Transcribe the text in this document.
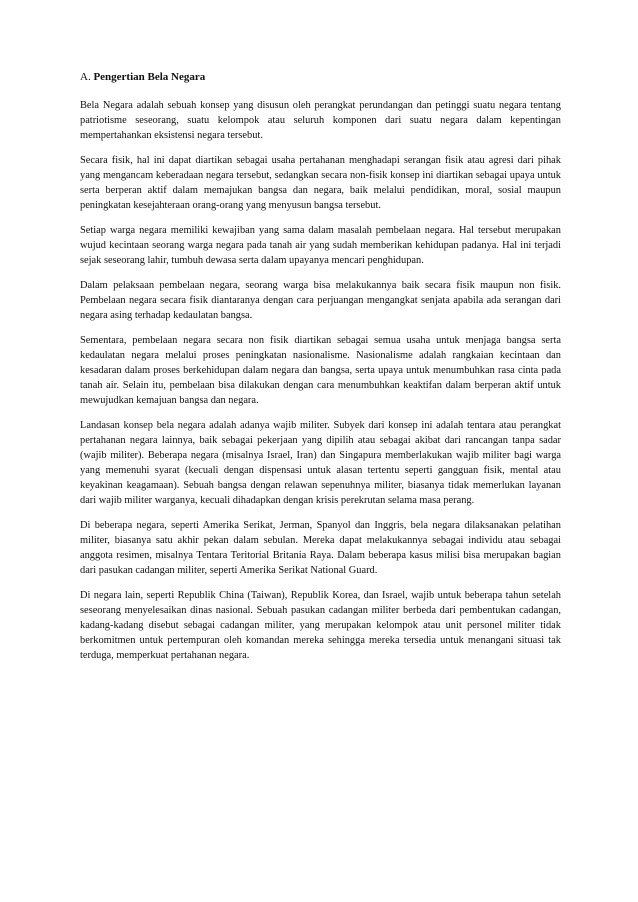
A. Pengertian Bela Negara

Bela Negara adalah sebuah konsep yang disusun oleh perangkat perundangan dan petinggi suatu negara tentang patriotisme seseorang, suatu kelompok atau seluruh komponen dari suatu negara dalam kepentingan mempertahankan eksistensi negara tersebut.

Secara fisik, hal ini dapat diartikan sebagai usaha pertahanan menghadapi serangan fisik atau agresi dari pihak yang mengancam keberadaan negara tersebut, sedangkan secara non-fisik konsep ini diartikan sebagai upaya untuk serta berperan aktif dalam memajukan bangsa dan negara, baik melalui pendidikan, moral, sosial maupun peningkatan kesejahteraan orang-orang yang menyusun bangsa tersebut.

Setiap warga negara memiliki kewajiban yang sama dalam masalah pembelaan negara. Hal tersebut merupakan wujud kecintaan seorang warga negara pada tanah air yang sudah memberikan kehidupan padanya. Hal ini terjadi sejak seseorang lahir, tumbuh dewasa serta dalam upayanya mencari penghidupan.

Dalam pelaksaan pembelaan negara, seorang warga bisa melakukannya baik secara fisik maupun non fisik. Pembelaan negara secara fisik diantaranya dengan cara perjuangan mengangkat senjata apabila ada serangan dari negara asing terhadap kedaulatan bangsa.

Sementara, pembelaan negara secara non fisik diartikan sebagai semua usaha untuk menjaga bangsa serta kedaulatan negara melalui proses peningkatan nasionalisme. Nasionalisme adalah rangkaian kecintaan dan kesadaran dalam proses berkehidupan dalam negara dan bangsa, serta upaya untuk menumbuhkan rasa cinta pada tanah air. Selain itu, pembelaan bisa dilakukan dengan cara menumbuhkan keaktifan dalam berperan aktif untuk mewujudkan kemajuan bangsa dan negara.

Landasan konsep bela negara adalah adanya wajib militer. Subyek dari konsep ini adalah tentara atau perangkat pertahanan negara lainnya, baik sebagai pekerjaan yang dipilih atau sebagai akibat dari rancangan tanpa sadar (wajib militer). Beberapa negara (misalnya Israel, Iran) dan Singapura memberlakukan wajib militer bagi warga yang memenuhi syarat (kecuali dengan dispensasi untuk alasan tertentu seperti gangguan fisik, mental atau keyakinan keagamaan). Sebuah bangsa dengan relawan sepenuhnya militer, biasanya tidak memerlukan layanan dari wajib militer warganya, kecuali dihadapkan dengan krisis perekrutan selama masa perang.

Di beberapa negara, seperti Amerika Serikat, Jerman, Spanyol dan Inggris, bela negara dilaksanakan pelatihan militer, biasanya satu akhir pekan dalam sebulan. Mereka dapat melakukannya sebagai individu atau sebagai anggota resimen, misalnya Tentara Teritorial Britania Raya. Dalam beberapa kasus milisi bisa merupakan bagian dari pasukan cadangan militer, seperti Amerika Serikat National Guard.

Di negara lain, seperti Republik China (Taiwan), Republik Korea, dan Israel, wajib untuk beberapa tahun setelah seseorang menyelesaikan dinas nasional. Sebuah pasukan cadangan militer berbeda dari pembentukan cadangan, kadang-kadang disebut sebagai cadangan militer, yang merupakan kelompok atau unit personel militer tidak berkomitmen untuk pertempuran oleh komandan mereka sehingga mereka tersedia untuk menangani situasi tak terduga, memperkuat pertahanan negara.
